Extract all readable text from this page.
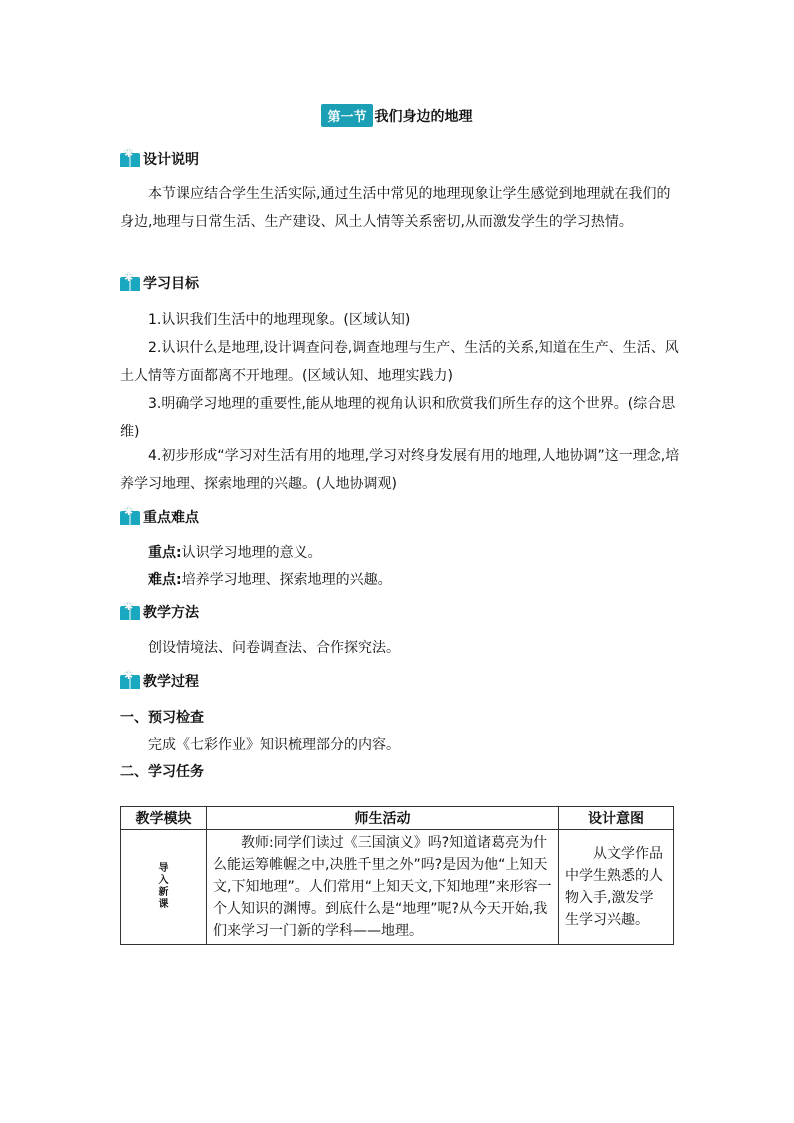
第一节 我们身边的地理
✱ 设计说明
本节课应结合学生生活实际,通过生活中常见的地理现象让学生感觉到地理就在我们的身边,地理与日常生活、生产建设、风土人情等关系密切,从而激发学生的学习热情。
✱ 学习目标
1.认识我们生活中的地理现象。(区域认知)
2.认识什么是地理,设计调查问卷,调查地理与生产、生活的关系,知道在生产、生活、风土人情等方面都离不开地理。(区域认知、地理实践力)
3.明确学习地理的重要性,能从地理的视角认识和欣赏我们所生存的这个世界。(综合思维)
4.初步形成“学习对生活有用的地理,学习对终身发展有用的地理,人地协调”这一理念,培养学习地理、探索地理的兴趣。(人地协调观)
✱ 重点难点
重点:认识学习地理的意义。
难点:培养学习地理、探索地理的兴趣。
✱ 教学方法
创设情境法、问卷调查法、合作探究法。
✱ 教学过程
一、预习检查
完成《七彩作业》知识梳理部分的内容。
二、学习任务
教学模块	师生活动	设计意图

导入新课	教师:同学们读过《三国演义》吗?知道诸葛亮为什么能运筹帷幄之中,决胜千里之外”吗?是因为他“上知天文,下知地理”。人们常用“上知天文,下知地理”来形容一个人知识的渊博。到底什么是“地理”呢?从今天开始,我们来学习一门新的学科——地理。	从文学作品中学生熟悉的人物入手,激发学生学习兴趣。
